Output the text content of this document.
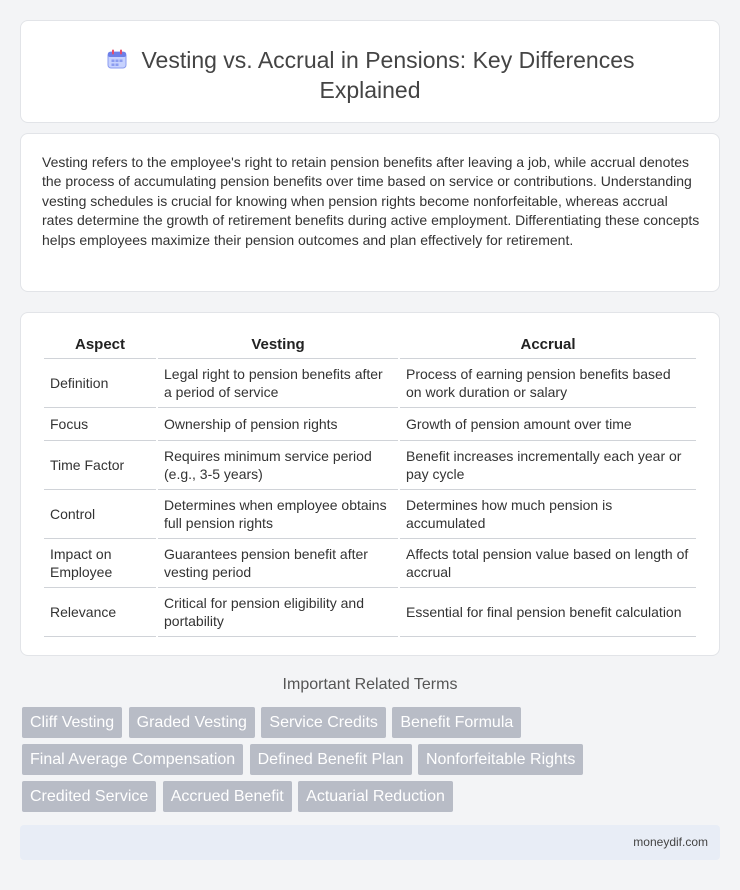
Vesting vs. Accrual in Pensions: Key Differences Explained

Vesting refers to the employee's right to retain pension benefits after leaving a job, while accrual denotes the process of accumulating pension benefits over time based on service or contributions. Understanding vesting schedules is crucial for knowing when pension rights become nonforfeitable, whereas accrual rates determine the growth of retirement benefits during active employment. Differentiating these concepts helps employees maximize their pension outcomes and plan effectively for retirement.

Aspect	Vesting	Accrual
Definition	Legal right to pension benefits after a period of service	Process of earning pension benefits based on work duration or salary
Focus	Ownership of pension rights	Growth of pension amount over time
Time Factor	Requires minimum service period (e.g., 3-5 years)	Benefit increases incrementally each year or pay cycle
Control	Determines when employee obtains full pension rights	Determines how much pension is accumulated
Impact on Employee	Guarantees pension benefit after vesting period	Affects total pension value based on length of accrual
Relevance	Critical for pension eligibility and portability	Essential for final pension benefit calculation
Important Related Terms
Cliff Vesting Graded Vesting Service Credits Benefit Formula
Final Average Compensation Defined Benefit Plan Nonforfeitable Rights
Credited Service Accrued Benefit Actuarial Reduction
moneydif.com
